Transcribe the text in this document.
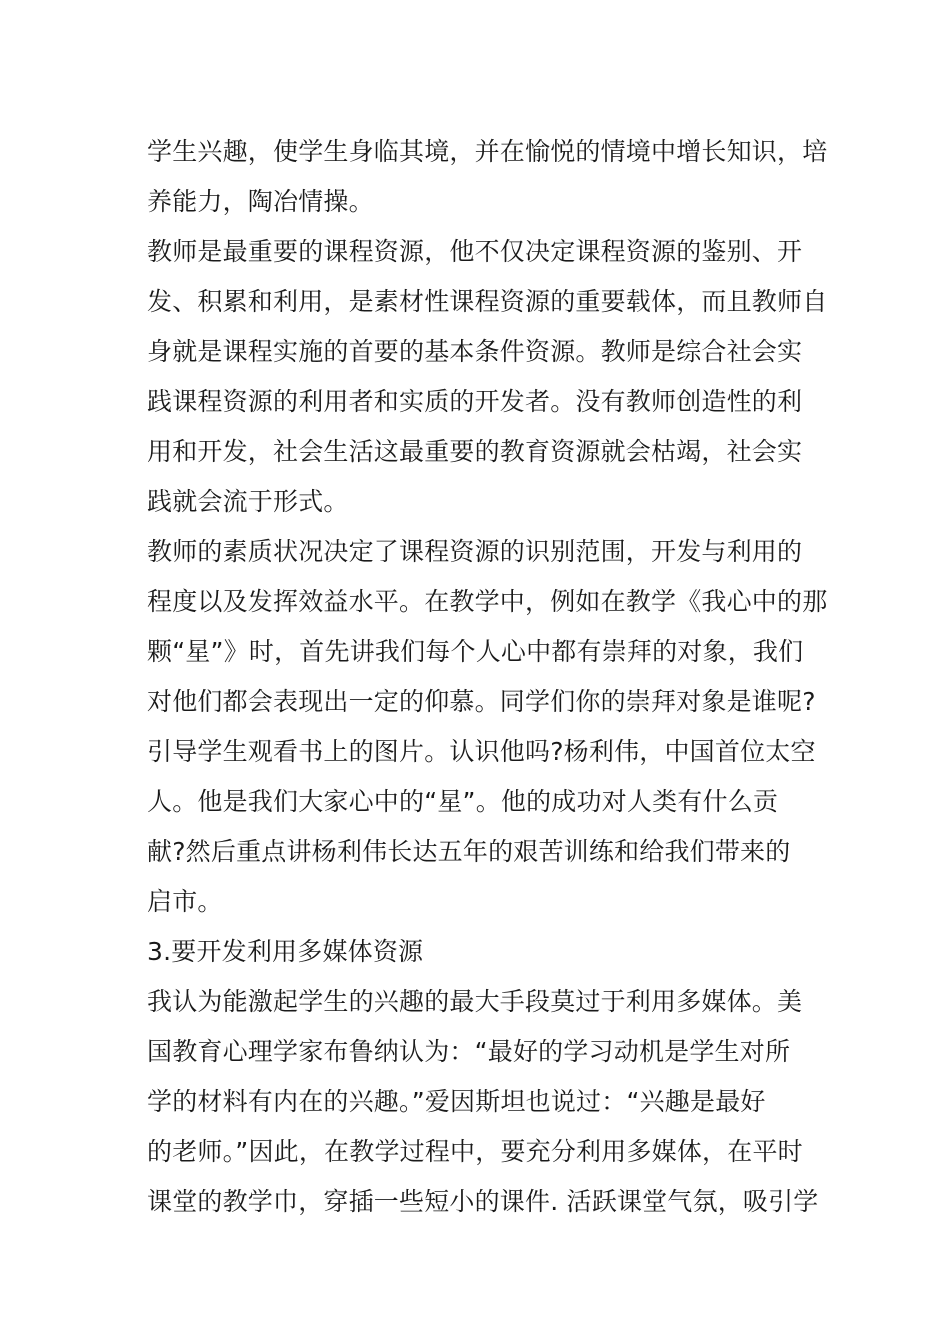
学生兴趣，使学生身临其境，并在愉悦的情境中增长知识，培
养能力，陶冶情操。
教师是最重要的课程资源，他不仅决定课程资源的鉴别、开
发、积累和利用，是素材性课程资源的重要载体，而且教师自
身就是课程实施的首要的基本条件资源。教师是综合社会实
践课程资源的利用者和实质的开发者。没有教师创造性的利
用和开发，社会生活这最重要的教育资源就会枯竭，社会实
践就会流于形式。
教师的素质状况决定了课程资源的识别范围，开发与利用的
程度以及发挥效益水平。在教学中，例如在教学《我心中的那
颗“星”》时，首先讲我们每个人心中都有崇拜的对象，我们
对他们都会表现出一定的仰慕。同学们你的崇拜对象是谁呢?
引导学生观看书上的图片。认识他吗?杨利伟，中国首位太空
人。他是我们大家心中的“星”。他的成功对人类有什么贡
献?然后重点讲杨利伟长达五年的艰苦训练和给我们带来的
启市。
3.要开发利用多媒体资源
我认为能激起学生的兴趣的最大手段莫过于利用多媒体。美
国教育心理学家布鲁纳认为：“最好的学习动机是学生对所
学的材料有内在的兴趣。”爱因斯坦也说过：“兴趣是最好
的老师。”因此，在教学过程中，要充分利用多媒体，在平时
课堂的教学巾，穿插一些短小的课件. 活跃课堂气氛，吸引学
